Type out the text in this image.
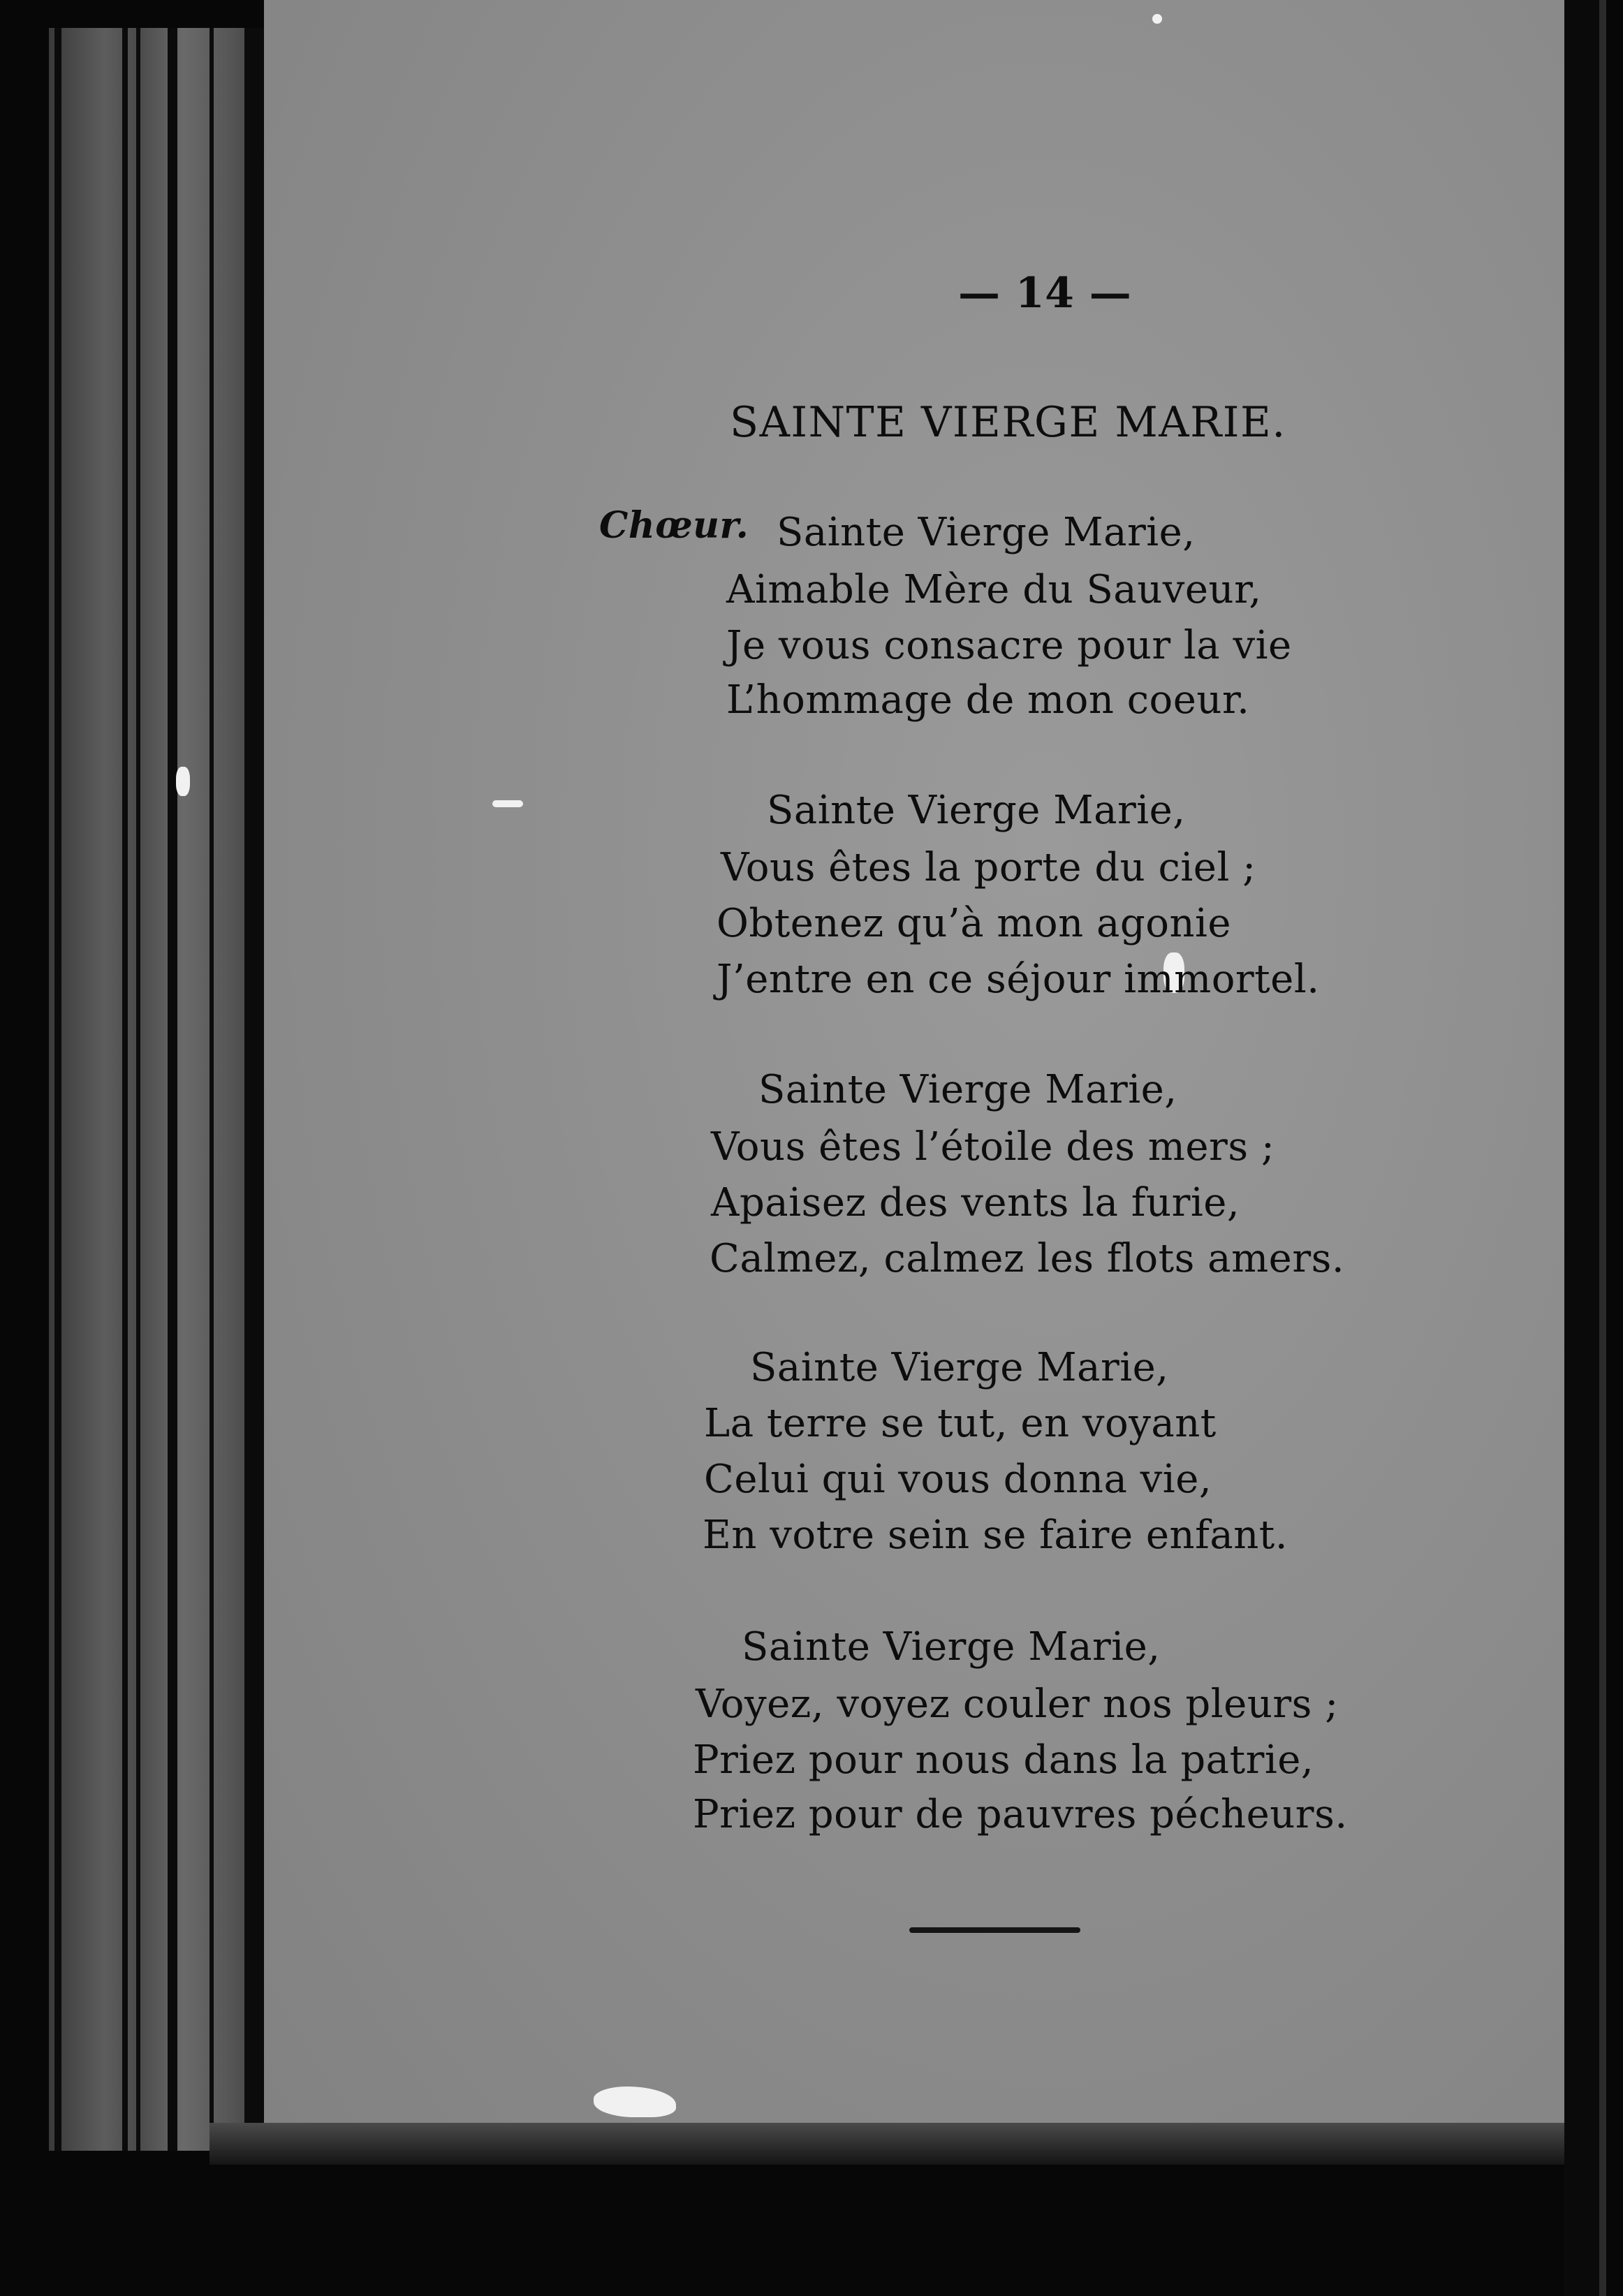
— 14 —
SAINTE VIERGE MARIE.
Chœur. Sainte Vierge Marie,
Aimable Mère du Sauveur,
Je vous consacre pour la vie
L’hommage de mon coeur.
Sainte Vierge Marie,
Vous êtes la porte du ciel ;
Obtenez qu’à mon agonie
J’entre en ce séjour immortel.
Sainte Vierge Marie,
Vous êtes l’étoile des mers ;
Apaisez des vents la furie,
Calmez, calmez les flots amers.
Sainte Vierge Marie,
La terre se tut, en voyant
Celui qui vous donna vie,
En votre sein se faire enfant.
Sainte Vierge Marie,
Voyez, voyez couler nos pleurs ;
Priez pour nous dans la patrie,
Priez pour de pauvres pécheurs.
